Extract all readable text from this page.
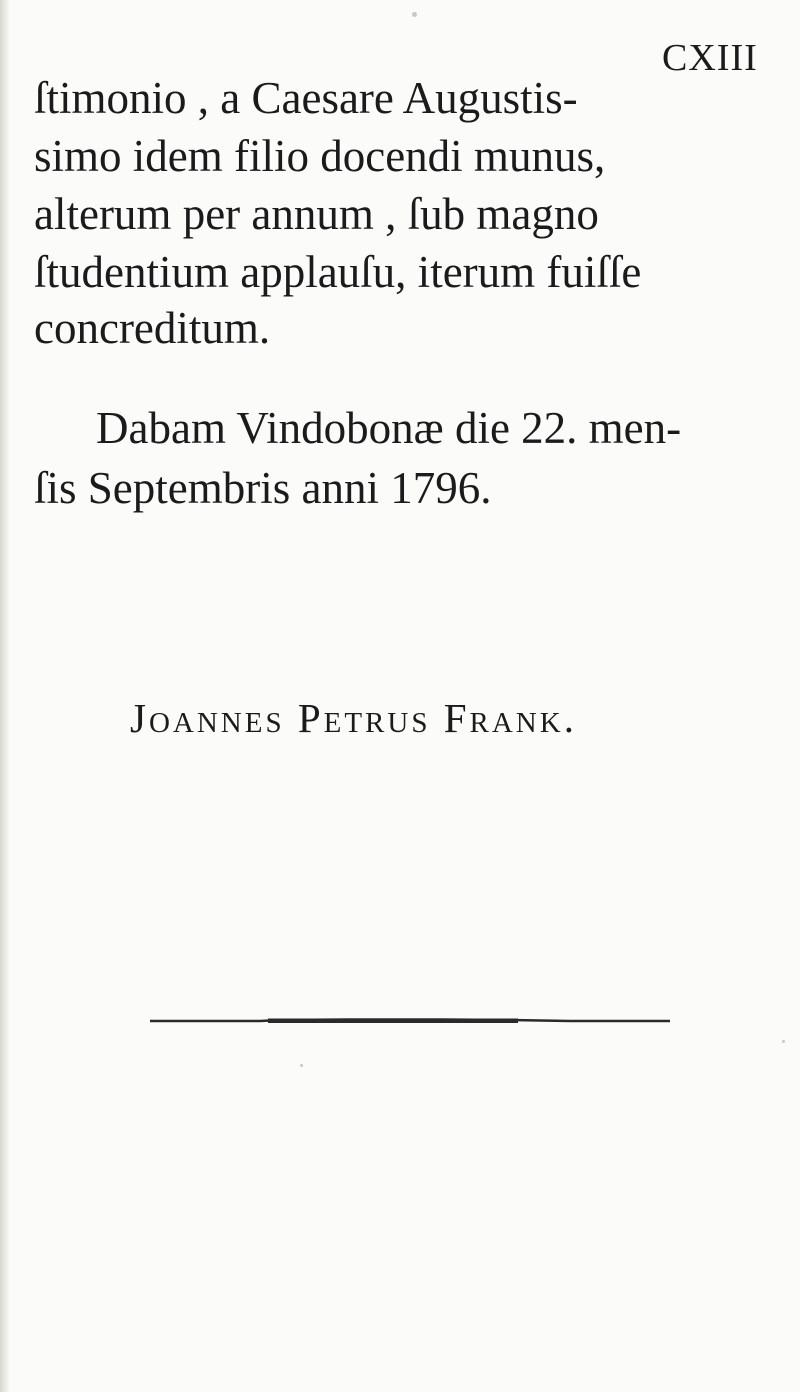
CXIII
ſtimonio , a Caesare Augustis-
simo idem filio docendi munus,
alterum per annum , ſub magno
ſtudentium applauſu, iterum fuiſſe
concreditum.
Dabam Vindobonæ die 22. men-
ſis Septembris anni 1796.
Joannes Petrus Frank.
